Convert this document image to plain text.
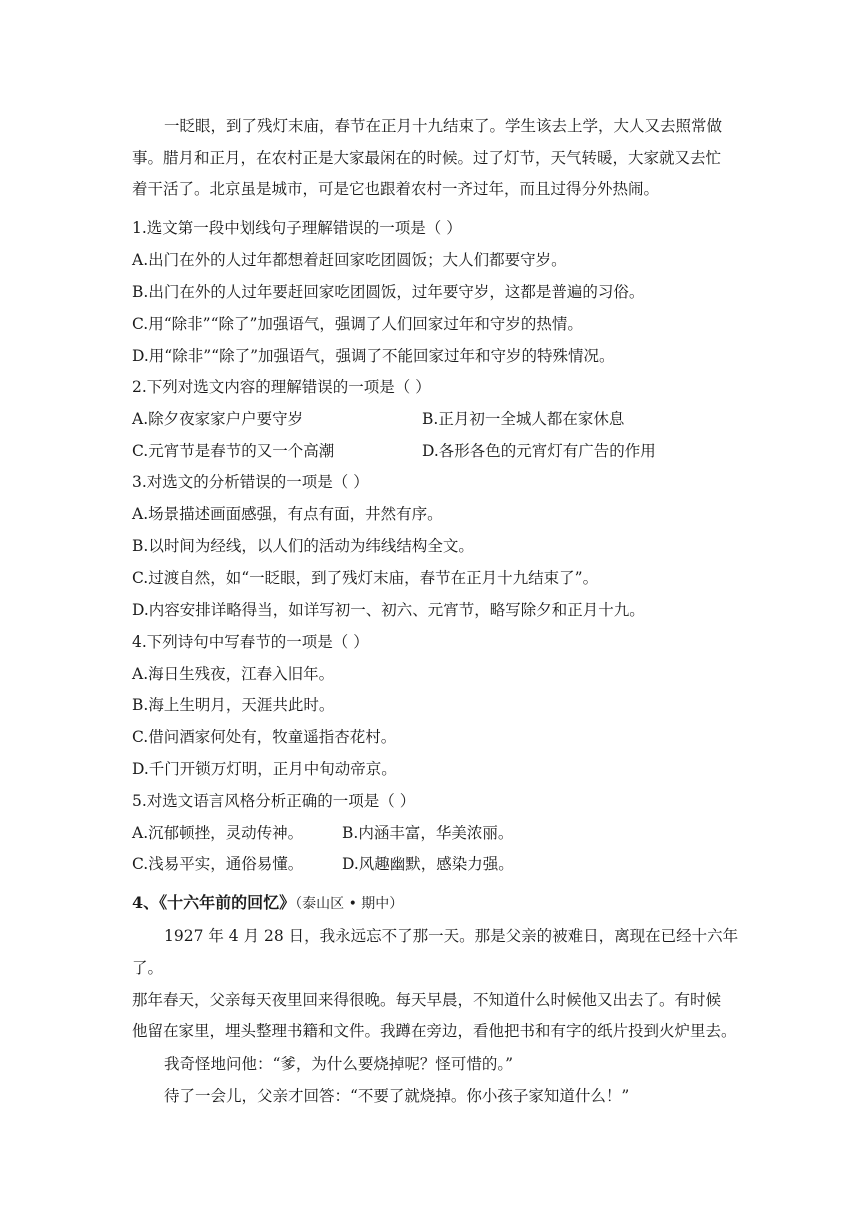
一眨眼，到了残灯末庙，春节在正月十九结束了。学生该去上学，大人又去照常做
事。腊月和正月，在农村正是大家最闲在的时候。过了灯节，天气转暖，大家就又去忙
着干活了。北京虽是城市，可是它也跟着农村一齐过年，而且过得分外热闹。
1.选文第一段中划线句子理解错误的一项是（ ）
A.出门在外的人过年都想着赶回家吃团圆饭；大人们都要守岁。
B.出门在外的人过年要赶回家吃团圆饭，过年要守岁，这都是普遍的习俗。
C.用“除非”“除了”加强语气，强调了人们回家过年和守岁的热情。
D.用“除非”“除了”加强语气，强调了不能回家过年和守岁的特殊情况。
2.下列对选文内容的理解错误的一项是（ ）
A.除夕夜家家户户要守岁	B.正月初一全城人都在家休息
C.元宵节是春节的又一个高潮	D.各形各色的元宵灯有广告的作用
3.对选文的分析错误的一项是（ ）
A.场景描述画面感强，有点有面，井然有序。
B.以时间为经线，以人们的活动为纬线结构全文。
C.过渡自然，如“一眨眼，到了残灯末庙，春节在正月十九结束了”。
D.内容安排详略得当，如详写初一、初六、元宵节，略写除夕和正月十九。
4.下列诗句中写春节的一项是（ ）
A.海日生残夜，江春入旧年。
B.海上生明月，天涯共此时。
C.借问酒家何处有，牧童遥指杏花村。
D.千门开锁万灯明，正月中旬动帝京。
5.对选文语言风格分析正确的一项是（ ）
A.沉郁顿挫，灵动传神。	B.内涵丰富，华美浓丽。
C.浅易平实，通俗易懂。	D.风趣幽默，感染力强。
4、《十六年前的回忆》（泰山区 • 期中）
1927 年 4 月 28 日，我永远忘不了那一天。那是父亲的被难日，离现在已经十六年
了。
那年春天，父亲每天夜里回来得很晚。每天早晨，不知道什么时候他又出去了。有时候
他留在家里，埋头整理书籍和文件。我蹲在旁边，看他把书和有字的纸片投到火炉里去。
我奇怪地问他：“爹，为什么要烧掉呢？怪可惜的。”
待了一会儿，父亲才回答：“不要了就烧掉。你小孩子家知道什么！”
